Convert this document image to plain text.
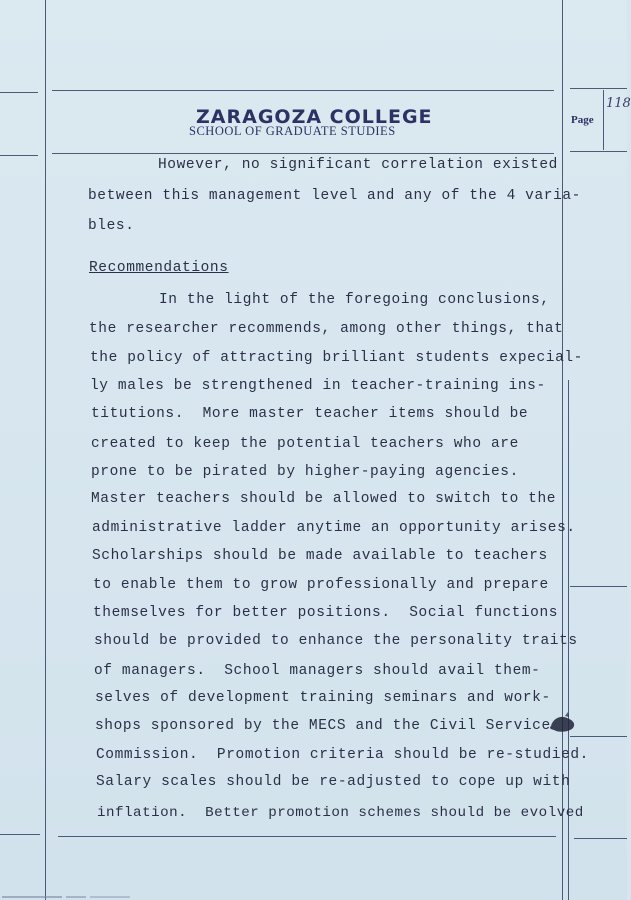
ZARAGOZA COLLEGE
SCHOOL OF GRADUATE STUDIES
Page
118
However, no significant correlation existed
between this management level and any of the 4 varia-
bles.
Recommendations
In the light of the foregoing conclusions,
the researcher recommends, among other things, that
the policy of attracting brilliant students expecial-
ly males be strengthened in teacher-training ins-
titutions.  More master teacher items should be
created to keep the potential teachers who are
prone to be pirated by higher-paying agencies.
Master teachers should be allowed to switch to the
administrative ladder anytime an opportunity arises.
Scholarships should be made available to teachers
to enable them to grow professionally and prepare
themselves for better positions.  Social functions
should be provided to enhance the personality traits
of managers.  School managers should avail them-
selves of development training seminars and work-
shops sponsored by the MECS and the Civil Service
Commission.  Promotion criteria should be re-studied.
Salary scales should be re-adjusted to cope up with
inflation.  Better promotion schemes should be evolved
